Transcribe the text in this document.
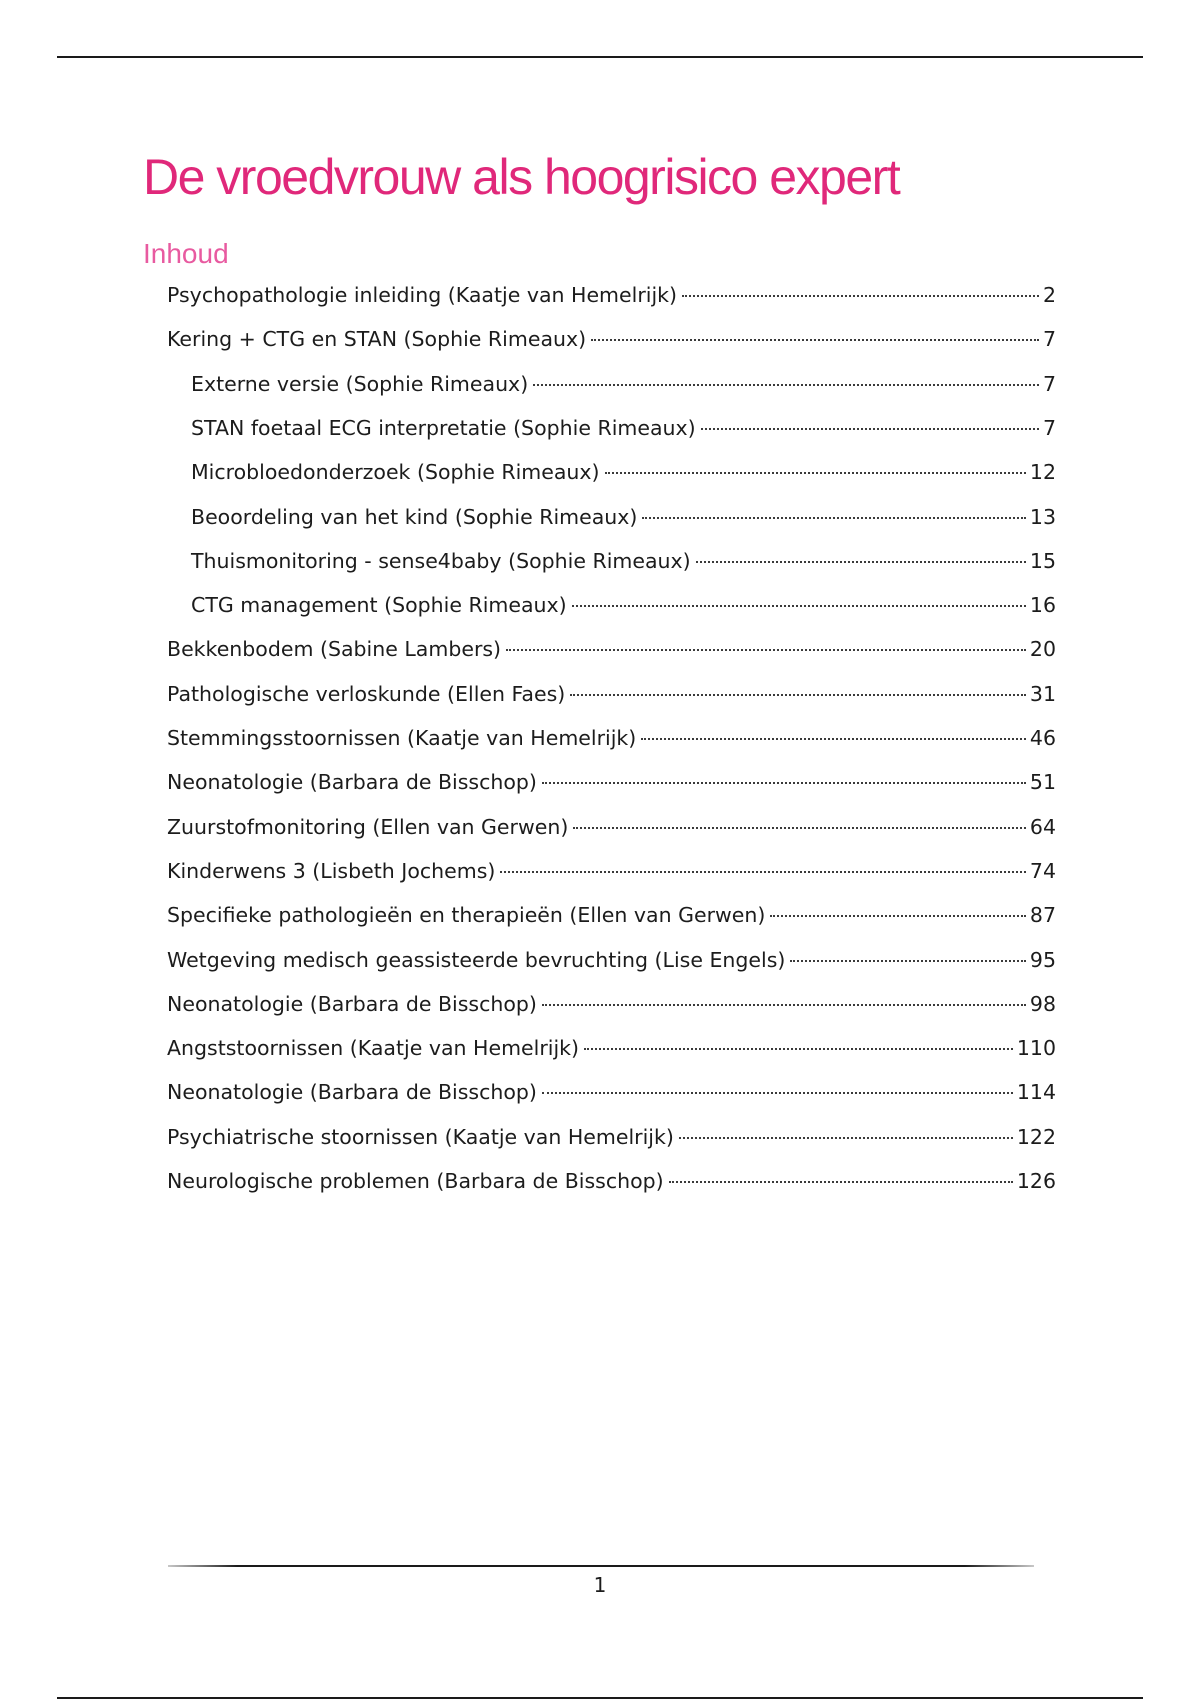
De vroedvrouw als hoogrisico expert
Inhoud
Psychopathologie inleiding (Kaatje van Hemelrijk)	2
Kering + CTG en STAN (Sophie Rimeaux)	7
Externe versie (Sophie Rimeaux)	7
STAN foetaal ECG interpretatie (Sophie Rimeaux)	7
Microbloedonderzoek (Sophie Rimeaux)	12
Beoordeling van het kind (Sophie Rimeaux)	13
Thuismonitoring - sense4baby (Sophie Rimeaux)	15
CTG management (Sophie Rimeaux)	16
Bekkenbodem (Sabine Lambers)	20
Pathologische verloskunde (Ellen Faes)	31
Stemmingsstoornissen (Kaatje van Hemelrijk)	46
Neonatologie (Barbara de Bisschop)	51
Zuurstofmonitoring (Ellen van Gerwen)	64
Kinderwens 3 (Lisbeth Jochems)	74
Specifieke pathologieën en therapieën (Ellen van Gerwen)	87
Wetgeving medisch geassisteerde bevruchting (Lise Engels)	95
Neonatologie (Barbara de Bisschop)	98
Angststoornissen (Kaatje van Hemelrijk)	110
Neonatologie (Barbara de Bisschop)	114
Psychiatrische stoornissen (Kaatje van Hemelrijk)	122
Neurologische problemen (Barbara de Bisschop)	126
1
